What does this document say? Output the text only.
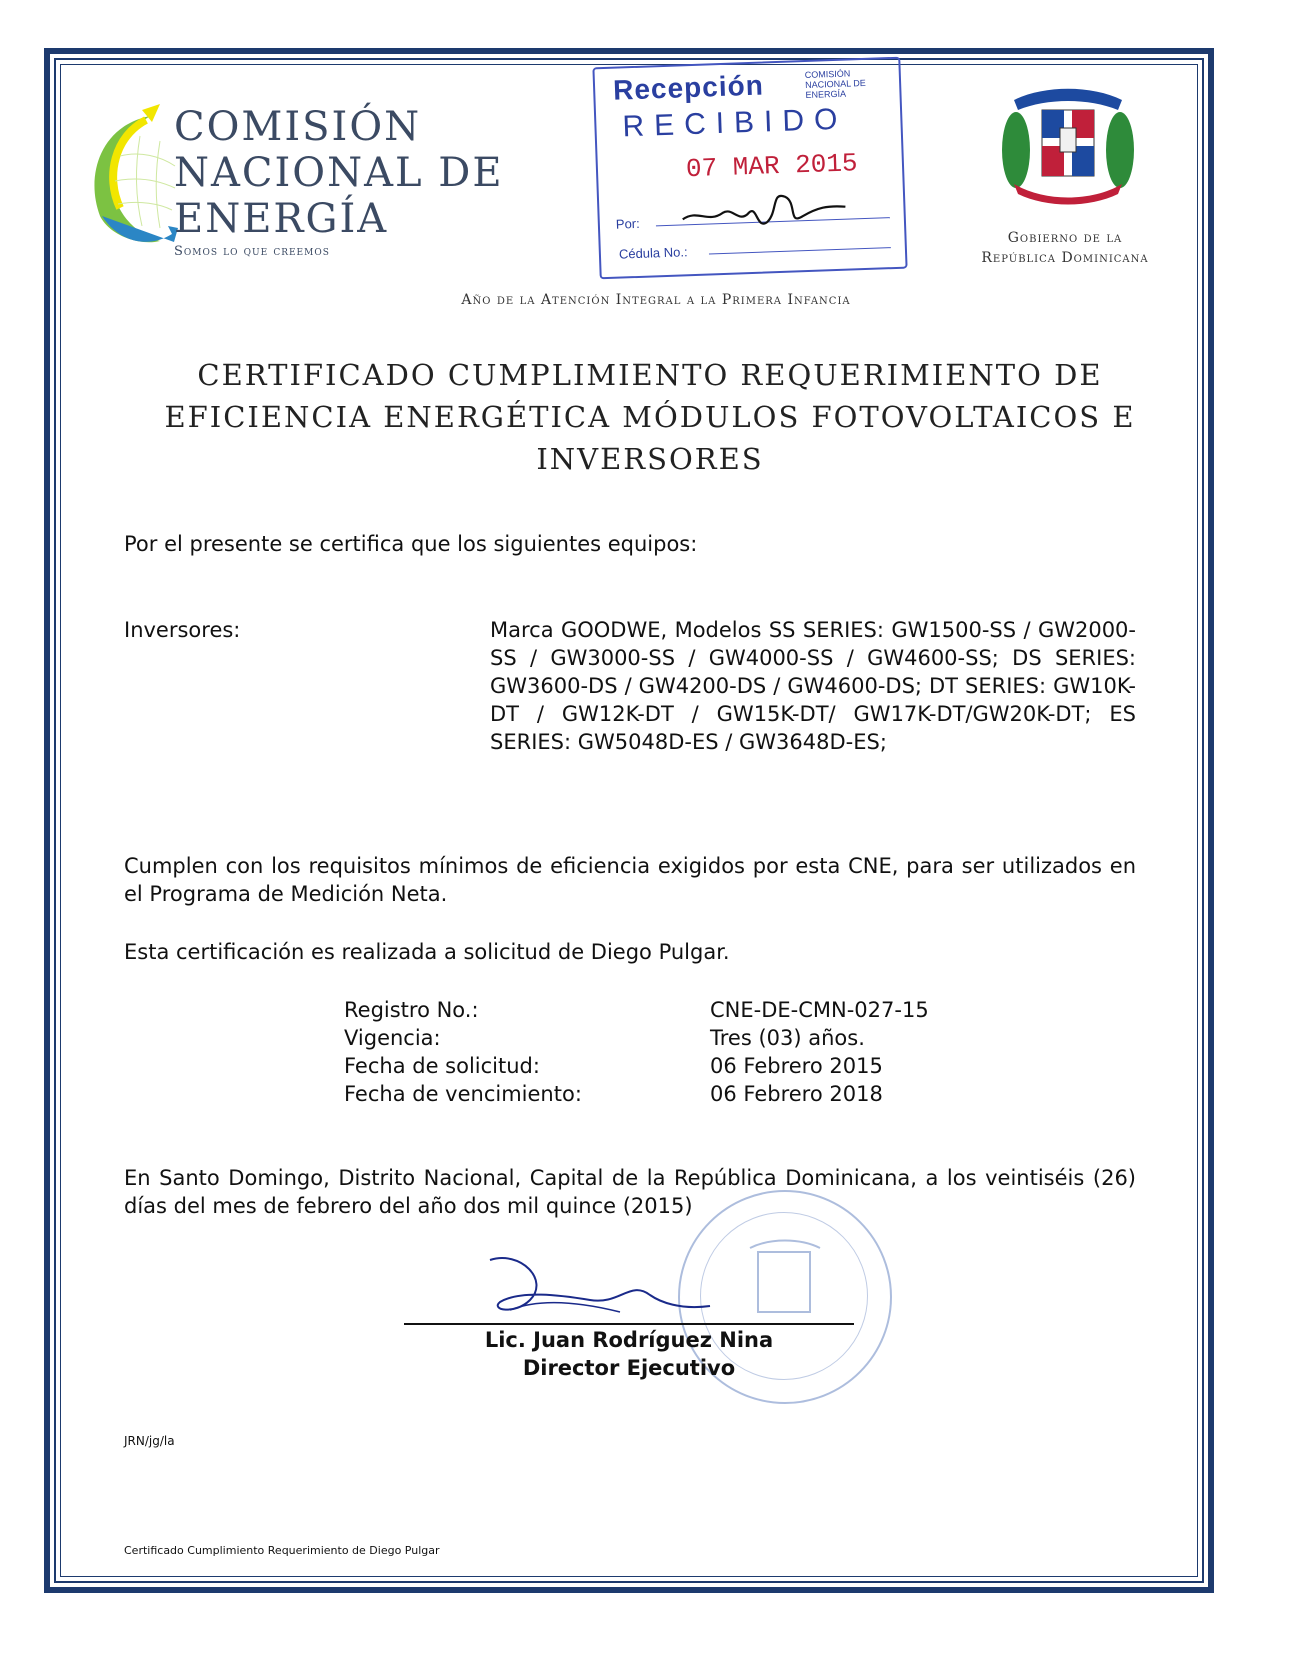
COMISIÓN
NACIONAL DE
ENERGÍA
Somos lo que creemos
Recepción	COMISIÓN NACIONAL DE ENERGÍA
RECIBIDO
07 MAR 2015
Por:
Cédula No.:
Gobierno de la
República Dominicana
Año de la Atención Integral a la Primera Infancia
CERTIFICADO CUMPLIMIENTO REQUERIMIENTO DE
EFICIENCIA ENERGÉTICA MÓDULOS FOTOVOLTAICOS E
INVERSORES
Por el presente se certifica que los siguientes equipos:
Inversores:	Marca GOODWE, Modelos SS SERIES: GW1500-SS / GW2000-SS / GW3000-SS / GW4000-SS / GW4600-SS; DS SERIES: GW3600-DS / GW4200-DS / GW4600-DS; DT SERIES: GW10K-DT / GW12K-DT / GW15K-DT/ GW17K-DT/GW20K-DT; ES SERIES: GW5048D-ES / GW3648D-ES;
Cumplen con los requisitos mínimos de eficiencia exigidos por esta CNE, para ser utilizados en el Programa de Medición Neta.
Esta certificación es realizada a solicitud de Diego Pulgar.
Registro No.:	CNE-DE-CMN-027-15
Vigencia:	Tres (03) años.
Fecha de solicitud:	06 Febrero 2015
Fecha de vencimiento:	06 Febrero 2018
En Santo Domingo, Distrito Nacional, Capital de la República Dominicana, a los veintiséis (26) días del mes de febrero del año dos mil quince (2015)
Lic. Juan Rodríguez Nina
Director Ejecutivo
JRN/jg/la
Certificado Cumplimiento Requerimiento de Diego Pulgar
